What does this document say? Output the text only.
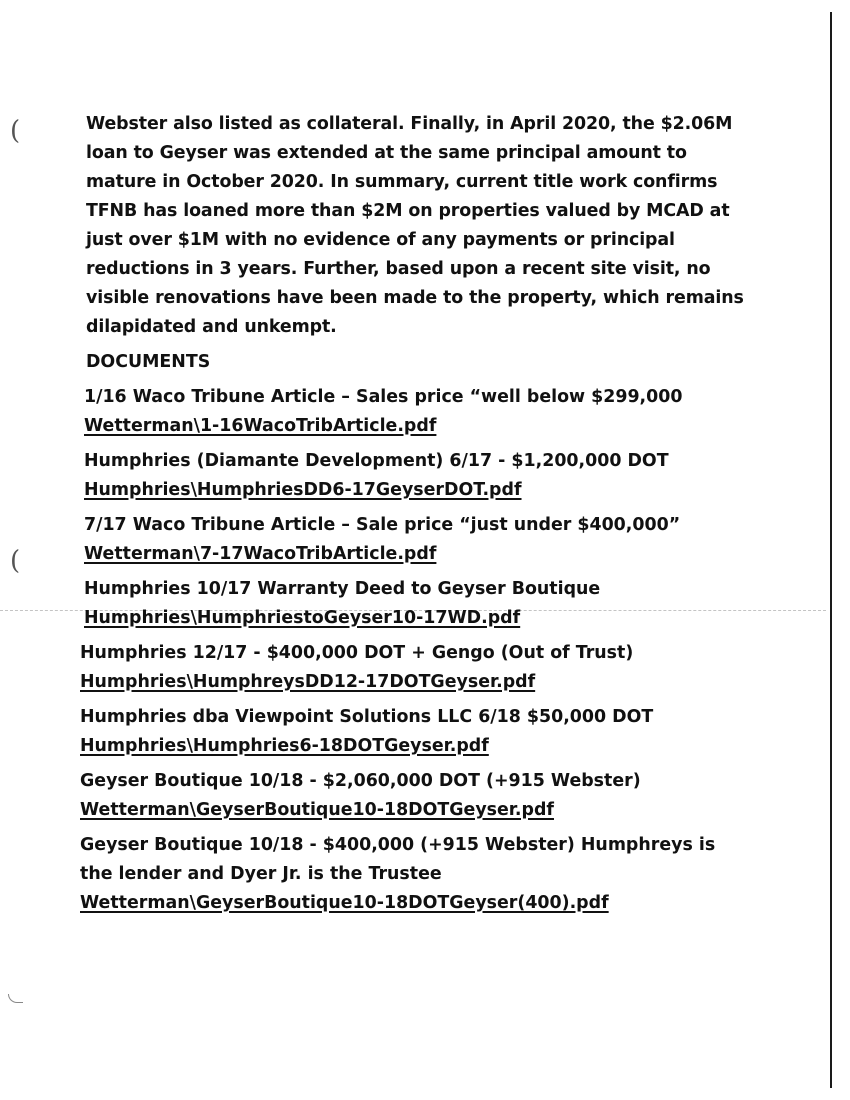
(
(

Webster also listed as collateral. Finally, in April 2020, the $2.06M loan to Geyser was extended at the same principal amount to mature in October 2020. In summary, current title work confirms TFNB has loaned more than $2M on properties valued by MCAD at just over $1M with no evidence of any payments or principal reductions in 3 years. Further, based upon a recent site visit, no visible renovations have been made to the property, which remains dilapidated and unkempt.

DOCUMENTS
1/16 Waco Tribune Article – Sales price “well below $299,000
Wetterman\1-16WacoTribArticle.pdf
Humphries (Diamante Development) 6/17 - $1,200,000 DOT
Humphries\HumphriesDD6-17GeyserDOT.pdf
7/17 Waco Tribune Article – Sale price “just under $400,000”
Wetterman\7-17WacoTribArticle.pdf
Humphries 10/17 Warranty Deed to Geyser Boutique
Humphries\HumphriestoGeyser10-17WD.pdf
Humphries 12/17 - $400,000 DOT + Gengo (Out of Trust)
Humphries\HumphreysDD12-17DOTGeyser.pdf
Humphries dba Viewpoint Solutions LLC 6/18 $50,000 DOT
Humphries\Humphries6-18DOTGeyser.pdf
Geyser Boutique 10/18 - $2,060,000 DOT (+915 Webster)
Wetterman\GeyserBoutique10-18DOTGeyser.pdf
Geyser Boutique 10/18 - $400,000 (+915 Webster) Humphreys is the lender and Dyer Jr. is the Trustee Wetterman\GeyserBoutique10-18DOTGeyser(400).pdf
